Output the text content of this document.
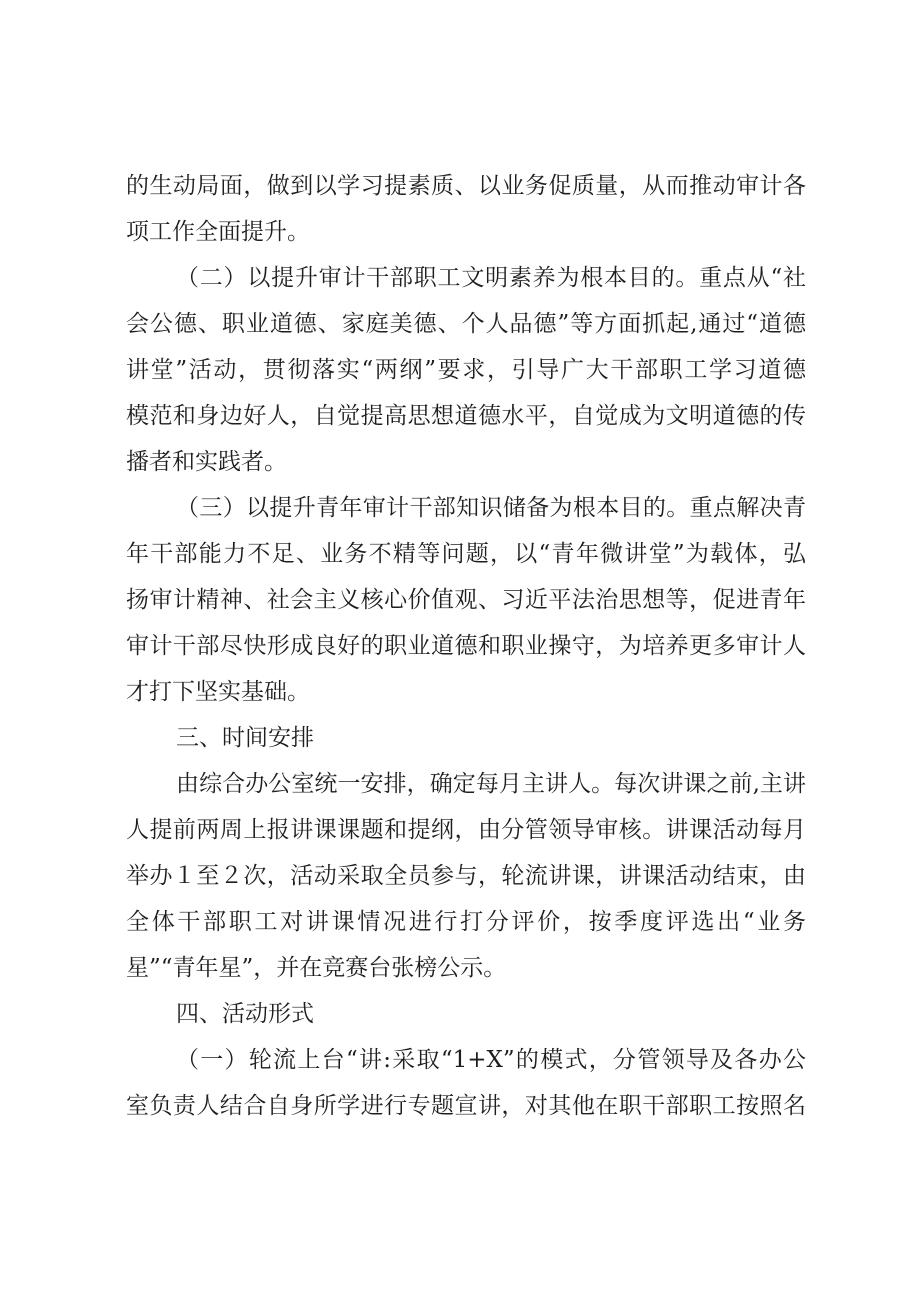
的生动局面，做到以学习提素质、以业务促质量，从而推动审计各
项工作全面提升。
（二）以提升审计干部职工文明素养为根本目的。重点从“社
会公德、职业道德、家庭美德、个人品德”等方面抓起,通过“道德
讲堂”活动，贯彻落实“两纲”要求，引导广大干部职工学习道德
模范和身边好人，自觉提高思想道德水平，自觉成为文明道德的传
播者和实践者。
（三）以提升青年审计干部知识储备为根本目的。重点解决青
年干部能力不足、业务不精等问题，以“青年微讲堂”为载体，弘
扬审计精神、社会主义核心价值观、习近平法治思想等，促进青年
审计干部尽快形成良好的职业道德和职业操守，为培养更多审计人
才打下坚实基础。
三、时间安排
由综合办公室统一安排，确定每月主讲人。每次讲课之前,主讲
人提前两周上报讲课课题和提纲，由分管领导审核。讲课活动每月
举办１至２次，活动采取全员参与，轮流讲课，讲课活动结束，由
全体干部职工对讲课情况进行打分评价，按季度评选出“业务
星”“青年星”，并在竞赛台张榜公示。
四、活动形式
（一）轮流上台“讲:采取“1+X”的模式，分管领导及各办公
室负责人结合自身所学进行专题宣讲，对其他在职干部职工按照名
